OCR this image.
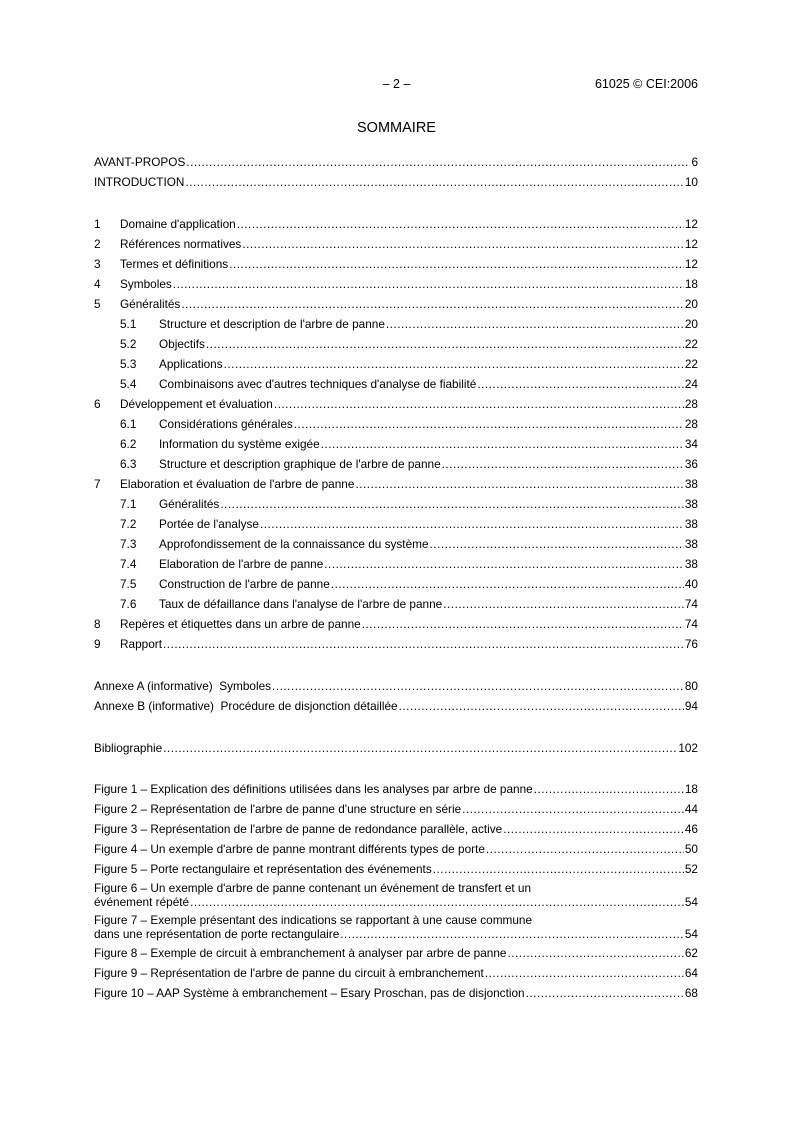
– 2 –	61025 © CEI:2006
SOMMAIRE
AVANT-PROPOS .....	6
INTRODUCTION .....	10
1	Domaine d'application .....	12
2	Références normatives .....	12
3	Termes et définitions .....	12
4	Symboles .....	18
5	Généralités .....	20
5.1	Structure et description de l'arbre de panne .....	20
5.2	Objectifs .....	22
5.3	Applications .....	22
5.4	Combinaisons avec d'autres techniques d'analyse de fiabilité .....	24
6	Développement et évaluation .....	28
6.1	Considérations générales .....	28
6.2	Information du système exigée .....	34
6.3	Structure et description graphique de l'arbre de panne .....	36
7	Elaboration et évaluation de l'arbre de panne .....	38
7.1	Généralités .....	38
7.2	Portée de l'analyse .....	38
7.3	Approfondissement de la connaissance du système .....	38
7.4	Elaboration de l'arbre de panne .....	38
7.5	Construction de l'arbre de panne .....	40
7.6	Taux de défaillance dans l'analyse de l'arbre de panne .....	74
8	Repères et étiquettes dans un arbre de panne .....	74
9	Rapport .....	76
Annexe A (informative)  Symboles .....	80
Annexe B (informative)  Procédure de disjonction détaillée .....	94
Bibliographie .....	102
Figure 1 – Explication des définitions utilisées dans les analyses par arbre de panne .....	18
Figure 2 – Représentation de l'arbre de panne d'une structure en série .....	44
Figure 3 – Représentation de l'arbre de panne de redondance parallèle, active .....	46
Figure 4 – Un exemple d'arbre de panne montrant différents types de porte .....	50
Figure 5 – Porte rectangulaire et représentation des événements .....	52
Figure 6 – Un exemple d'arbre de panne contenant un événement de transfert et un
événement répété .....	54
Figure 7 – Exemple présentant des indications se rapportant à une cause commune
dans une représentation de porte rectangulaire .....	54
Figure 8 – Exemple de circuit à embranchement à analyser par arbre de panne .....	62
Figure 9 – Représentation de l'arbre de panne du circuit à embranchement .....	64
Figure 10 – AAP Système à embranchement – Esary Proschan, pas de disjonction .....	68
